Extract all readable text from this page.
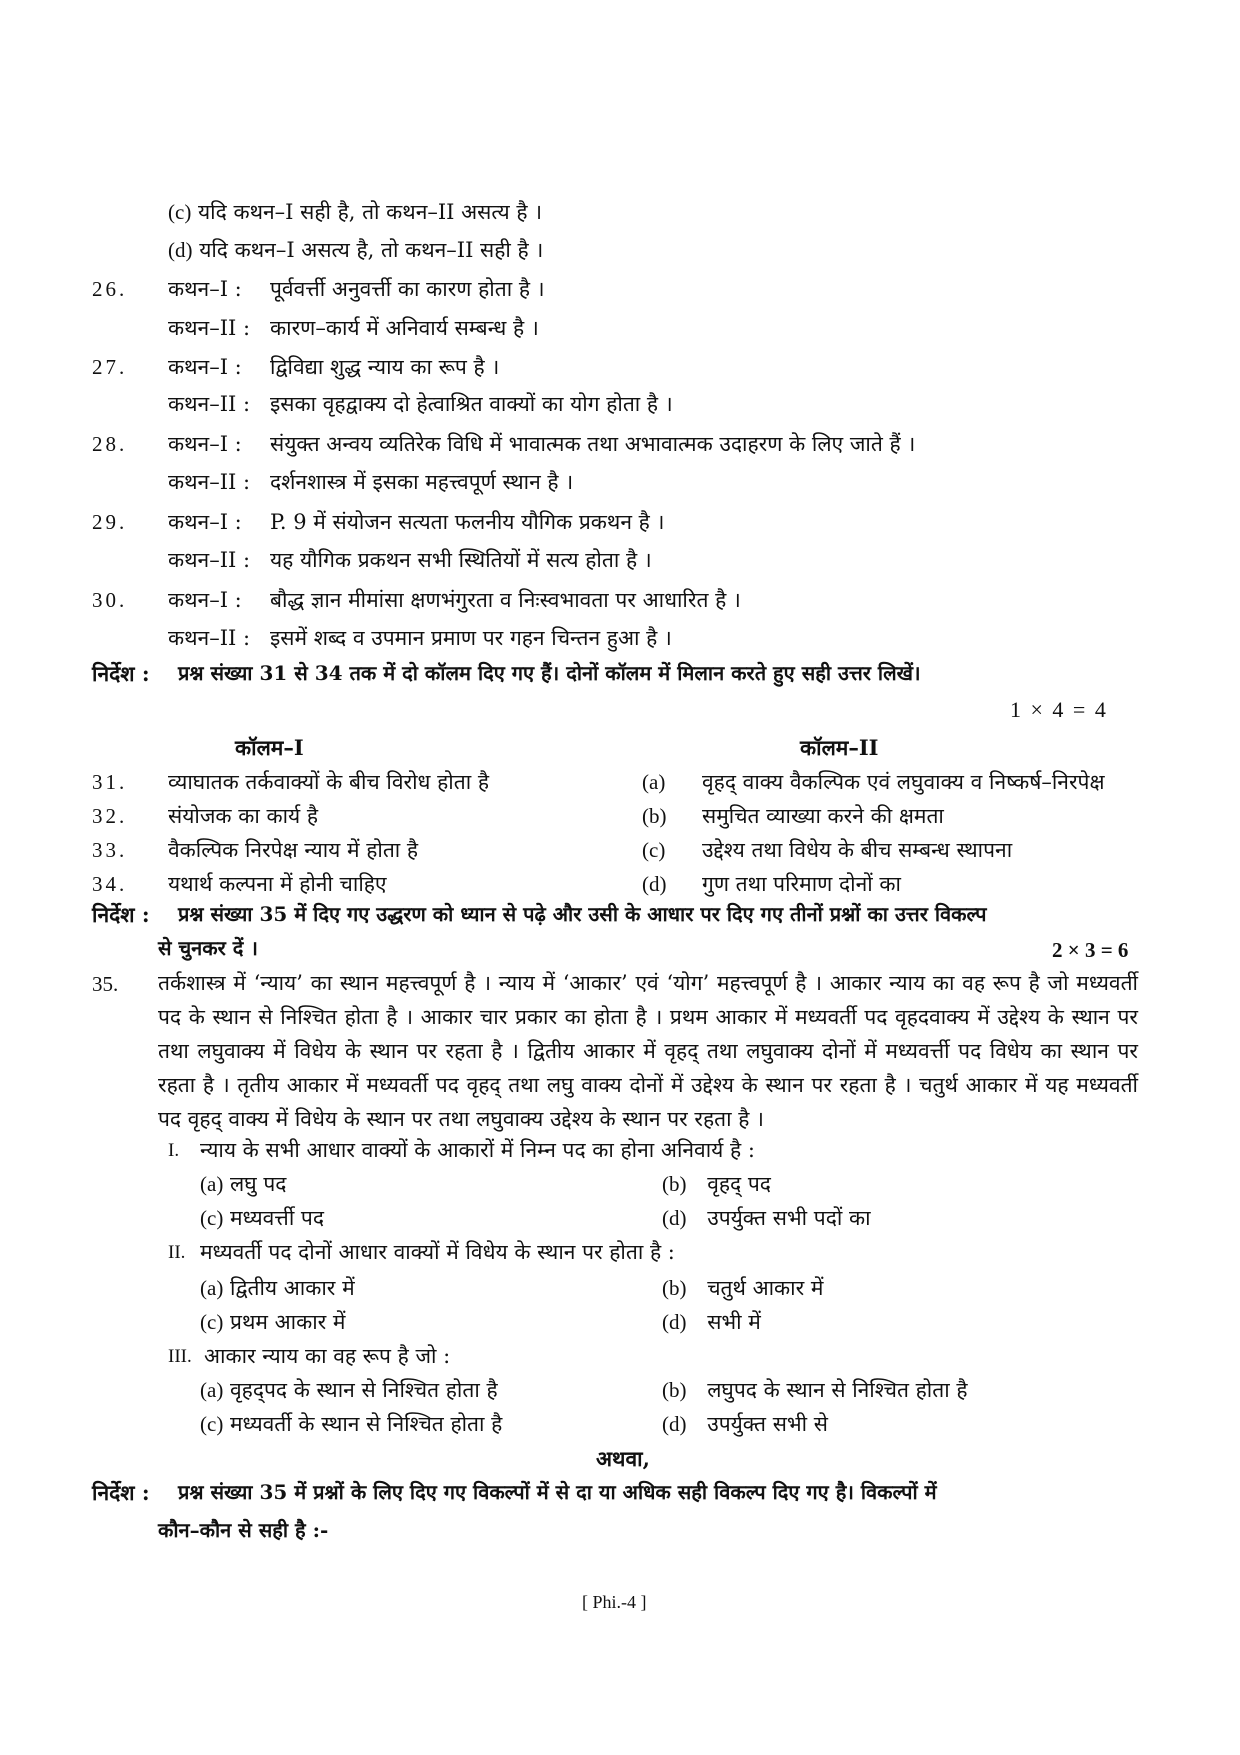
(c) यदि कथन–I सही है, तो कथन–II असत्य है ।
(d) यदि कथन–I असत्य है, तो कथन–II सही है ।
26. कथन–I : पूर्ववर्त्ती अनुवर्त्ती का कारण होता है ।
कथन–II : कारण–कार्य में अनिवार्य सम्बन्ध है ।
27. कथन–I : द्विविद्या शुद्ध न्याय का रूप है ।
कथन–II : इसका वृहद्वाक्य दो हेत्वाश्रित वाक्यों का योग होता है ।
28. कथन–I : संयुक्त अन्वय व्यतिरेक विधि में भावात्मक तथा अभावात्मक उदाहरण के लिए जाते हैं ।
कथन–II : दर्शनशास्त्र में इसका महत्त्वपूर्ण स्थान है ।
29. कथन–I : P. 9 में संयोजन सत्यता फलनीय यौगिक प्रकथन है ।
कथन–II : यह यौगिक प्रकथन सभी स्थितियों में सत्य होता है ।
30. कथन–I : बौद्ध ज्ञान मीमांसा क्षणभंगुरता व निःस्वभावता पर आधारित है ।
कथन–II : इसमें शब्द व उपमान प्रमाण पर गहन चिन्तन हुआ है ।
निर्देश : प्रश्न संख्या 31 से 34 तक में दो कॉलम दिए गए हैं। दोनों कॉलम में मिलान करते हुए सही उत्तर लिखें।
1 × 4 = 4
कॉलम–I	कॉलम–II
31. व्याघातक तर्कवाक्यों के बीच विरोध होता है	(a) वृहद् वाक्य वैकल्पिक एवं लघुवाक्य व निष्कर्ष–निरपेक्ष
32. संयोजक का कार्य है	(b) समुचित व्याख्या करने की क्षमता
33. वैकल्पिक निरपेक्ष न्याय में होता है	(c) उद्देश्य तथा विधेय के बीच सम्बन्ध स्थापना
34. यथार्थ कल्पना में होनी चाहिए	(d) गुण तथा परिमाण दोनों का
निर्देश : प्रश्न संख्या 35 में दिए गए उद्धरण को ध्यान से पढ़े और उसी के आधार पर दिए गए तीनों प्रश्नों का उत्तर विकल्प
से चुनकर दें ।	2 × 3 = 6
35. तर्कशास्त्र में ‘न्याय’ का स्थान महत्त्वपूर्ण है । न्याय में ‘आकार’ एवं ‘योग’ महत्त्वपूर्ण है । आकार न्याय का वह रूप है जो मध्यवर्ती पद के स्थान से निश्चित होता है । आकार चार प्रकार का होता है । प्रथम आकार में मध्यवर्ती पद वृहदवाक्य में उद्देश्य के स्थान पर तथा लघुवाक्य में विधेय के स्थान पर रहता है । द्वितीय आकार में वृहद् तथा लघुवाक्य दोनों में मध्यवर्त्ती पद विधेय का स्थान पर रहता है । तृतीय आकार में मध्यवर्ती पद वृहद् तथा लघु वाक्य दोनों में उद्देश्य के स्थान पर रहता है । चतुर्थ आकार में यह मध्यवर्ती पद वृहद् वाक्य में विधेय के स्थान पर तथा लघुवाक्य उद्देश्य के स्थान पर रहता है ।
I. न्याय के सभी आधार वाक्यों के आकारों में निम्न पद का होना अनिवार्य है :
(a) लघु पद	(b) वृहद् पद
(c) मध्यवर्त्ती पद	(d) उपर्युक्त सभी पदों का
II. मध्यवर्ती पद दोनों आधार वाक्यों में विधेय के स्थान पर होता है :
(a) द्वितीय आकार में	(b) चतुर्थ आकार में
(c) प्रथम आकार में	(d) सभी में
III. आकार न्याय का वह रूप है जो :
(a) वृहद्पद के स्थान से निश्चित होता है	(b) लघुपद के स्थान से निश्चित होता है
(c) मध्यवर्ती के स्थान से निश्चित होता है	(d) उपर्युक्त सभी से
अथवा,
निर्देश : प्रश्न संख्या 35 में प्रश्नों के लिए दिए गए विकल्पों में से दा या अधिक सही विकल्प दिए गए है। विकल्पों में
कौन–कौन से सही है :-
[ Phi.-4 ]
